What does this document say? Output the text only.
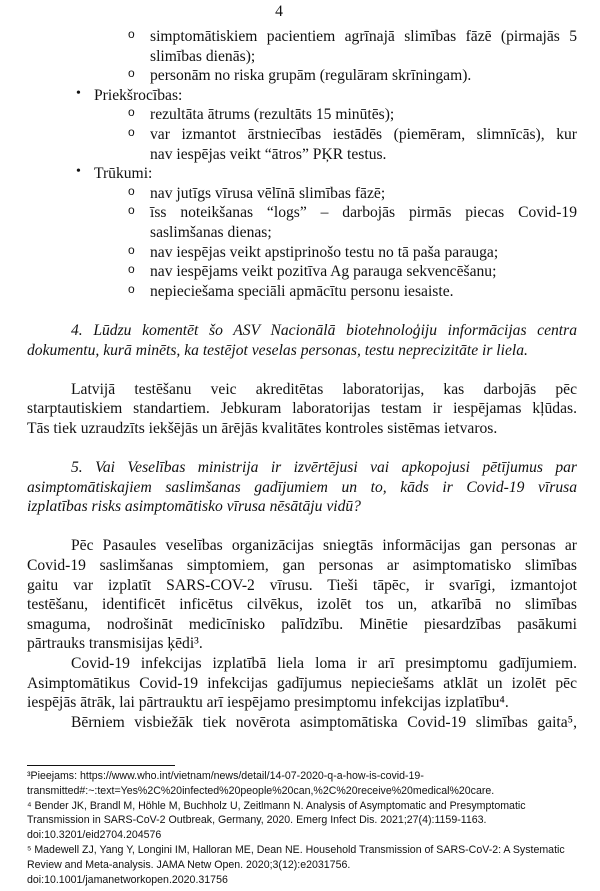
4
o simptomātiskiem pacientiem agrīnajā slimības fāzē (pirmajās 5
slimības dienās);
o personām no riska grupām (regulāram skrīningam).
• Priekšrocības:
o rezultāta ātrums (rezultāts 15 minūtēs);
o var izmantot ārstniecības iestādēs (piemēram, slimnīcās), kur
nav iespējas veikt “ātros” PĶR testus.
• Trūkumi:
o nav jutīgs vīrusa vēlīnā slimības fāzē;
o īss noteikšanas “logs” – darbojās pirmās piecas Covid-19
saslimšanas dienas;
o nav iespējas veikt apstiprinošo testu no tā paša parauga;
o nav iespējams veikt pozitīva Ag parauga sekvencēšanu;
o nepieciešama speciāli apmācītu personu iesaiste.
4. Lūdzu komentēt šo ASV Nacionālā biotehnoloģiju informācijas centra
dokumentu, kurā minēts, ka testējot veselas personas, testu neprecizitāte ir liela.
Latvijā testēšanu veic akreditētas laboratorijas, kas darbojās pēc
starptautiskiem standartiem. Jebkuram laboratorijas testam ir iespējamas kļūdas.
Tās tiek uzraudzīts iekšējās un ārējās kvalitātes kontroles sistēmas ietvaros.
5. Vai Veselības ministrija ir izvērtējusi vai apkopojusi pētījumus par
asimptomātiskajiem saslimšanas gadījumiem un to, kāds ir Covid-19 vīrusa
izplatības risks asimptomātisko vīrusa nēsātāju vidū?
Pēc Pasaules veselības organizācijas sniegtās informācijas gan personas ar
Covid-19 saslimšanas simptomiem, gan personas ar asimptomatisko slimības
gaitu var izplatīt SARS-COV-2 vīrusu. Tieši tāpēc, ir svarīgi, izmantojot
testēšanu, identificēt inficētus cilvēkus, izolēt tos un, atkarībā no slimības
smaguma, nodrošināt medicīnisko palīdzību. Minētie piesardzības pasākumi
pārtrauks transmisijas ķēdi³.
Covid-19 infekcijas izplatībā liela loma ir arī presimptomu gadījumiem.
Asimptomātikus Covid-19 infekcijas gadījumus nepieciešams atklāt un izolēt pēc
iespējās ātrāk, lai pārtrauktu arī iespējamo presimptomu infekcijas izplatību⁴.
Bērniem visbiežāk tiek novērota asimptomātiska Covid-19 slimības gaita⁵,
³Pieejams: https://www.who.int/vietnam/news/detail/14-07-2020-q-a-how-is-covid-19-
transmitted#:~:text=Yes%2C%20infected%20people%20can,%2C%20receive%20medical%20care.
⁴ Bender JK, Brandl M, Höhle M, Buchholz U, Zeitlmann N. Analysis of Asymptomatic and Presymptomatic
Transmission in SARS-CoV-2 Outbreak, Germany, 2020. Emerg Infect Dis. 2021;27(4):1159-1163.
doi:10.3201/eid2704.204576
⁵ Madewell ZJ, Yang Y, Longini IM, Halloran ME, Dean NE. Household Transmission of SARS-CoV-2: A Systematic
Review and Meta-analysis. JAMA Netw Open. 2020;3(12):e2031756.
doi:10.1001/jamanetworkopen.2020.31756
